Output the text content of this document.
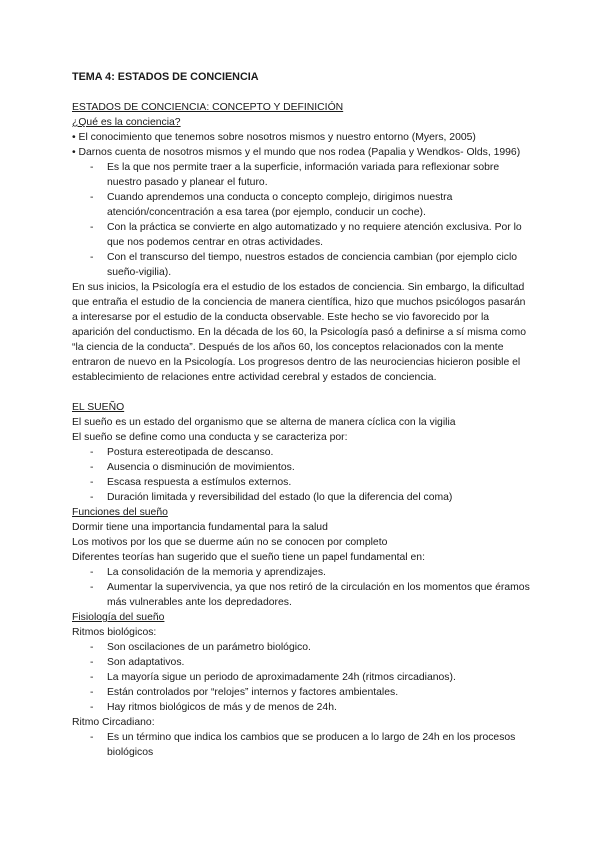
TEMA 4: ESTADOS DE CONCIENCIA

ESTADOS DE CONCIENCIA: CONCEPTO Y DEFINICIÓN

¿Qué es la conciencia?

• El conocimiento que tenemos sobre nosotros mismos y nuestro entorno (Myers, 2005)

• Darnos cuenta de nosotros mismos y el mundo que nos rodea (Papalia y Wendkos- Olds, 1996)

- Es la que nos permite traer a la superficie, información variada para reflexionar sobre nuestro pasado y planear el futuro.
- Cuando aprendemos una conducta o concepto complejo, dirigimos nuestra atención/concentración a esa tarea (por ejemplo, conducir un coche).
- Con la práctica se convierte en algo automatizado y no requiere atención exclusiva. Por lo que nos podemos centrar en otras actividades.
- Con el transcurso del tiempo, nuestros estados de conciencia cambian (por ejemplo ciclo sueño-vigilia).

En sus inicios, la Psicología era el estudio de los estados de conciencia. Sin embargo, la dificultad que entraña el estudio de la conciencia de manera científica, hizo que muchos psicólogos pasarán a interesarse por el estudio de la conducta observable. Este hecho se vio favorecido por la aparición del conductismo. En la década de los 60, la Psicología pasó a definirse a sí misma como “la ciencia de la conducta”. Después de los años 60, los conceptos relacionados con la mente entraron de nuevo en la Psicología. Los progresos dentro de las neurociencias hicieron posible el establecimiento de relaciones entre actividad cerebral y estados de conciencia.

EL SUEÑO

El sueño es un estado del organismo que se alterna de manera cíclica con la vigilia

El sueño se define como una conducta y se caracteriza por:

- Postura estereotipada de descanso.
- Ausencia o disminución de movimientos.
- Escasa respuesta a estímulos externos.
- Duración limitada y reversibilidad del estado (lo que la diferencia del coma)

Funciones del sueño

Dormir tiene una importancia fundamental para la salud

Los motivos por los que se duerme aún no se conocen por completo

Diferentes teorías han sugerido que el sueño tiene un papel fundamental en:

- La consolidación de la memoria y aprendizajes.
- Aumentar la supervivencia, ya que nos retiró de la circulación en los momentos que éramos más vulnerables ante los depredadores.

Fisiología del sueño

Ritmos biológicos:

- Son oscilaciones de un parámetro biológico.
- Son adaptativos.
- La mayoría sigue un periodo de aproximadamente 24h (ritmos circadianos).
- Están controlados por “relojes” internos y factores ambientales.
- Hay ritmos biológicos de más y de menos de 24h.

Ritmo Circadiano:

- Es un término que indica los cambios que se producen a lo largo de 24h en los procesos biológicos
